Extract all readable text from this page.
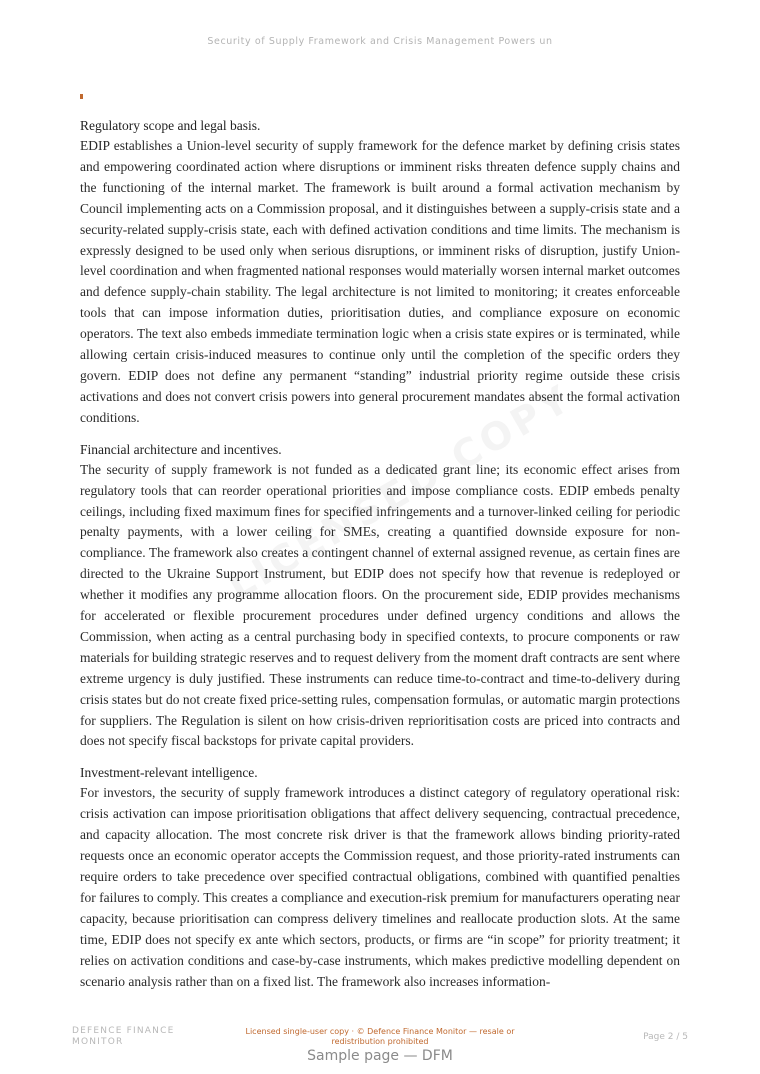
Security of Supply Framework and Crisis Management Powers un

Regulatory scope and legal basis.

EDIP establishes a Union-level security of supply framework for the defence market by defining crisis states and empowering coordinated action where disruptions or imminent risks threaten defence supply chains and the functioning of the internal market. The framework is built around a formal activation mechanism by Council implementing acts on a Commission proposal, and it distinguishes between a supply-crisis state and a security-related supply-crisis state, each with defined activation conditions and time limits. The mechanism is expressly designed to be used only when serious disruptions, or imminent risks of disruption, justify Union-level coordination and when fragmented national responses would materially worsen internal market outcomes and defence supply-chain stability. The legal architecture is not limited to monitoring; it creates enforceable tools that can impose information duties, prioritisation duties, and compliance exposure on economic operators. The text also embeds immediate termination logic when a crisis state expires or is terminated, while allowing certain crisis-induced measures to continue only until the completion of the specific orders they govern. EDIP does not define any permanent “standing” industrial priority regime outside these crisis activations and does not convert crisis powers into general procurement mandates absent the formal activation conditions.

Financial architecture and incentives.

The security of supply framework is not funded as a dedicated grant line; its economic effect arises from regulatory tools that can reorder operational priorities and impose compliance costs. EDIP embeds penalty ceilings, including fixed maximum fines for specified infringements and a turnover-linked ceiling for periodic penalty payments, with a lower ceiling for SMEs, creating a quantified downside exposure for non-compliance. The framework also creates a contingent channel of external assigned revenue, as certain fines are directed to the Ukraine Support Instrument, but EDIP does not specify how that revenue is redeployed or whether it modifies any programme allocation floors. On the procurement side, EDIP provides mechanisms for accelerated or flexible procurement procedures under defined urgency conditions and allows the Commission, when acting as a central purchasing body in specified contexts, to procure components or raw materials for building strategic reserves and to request delivery from the moment draft contracts are sent where extreme urgency is duly justified. These instruments can reduce time-to-contract and time-to-delivery during crisis states but do not create fixed price-setting rules, compensation formulas, or automatic margin protections for suppliers. The Regulation is silent on how crisis-driven reprioritisation costs are priced into contracts and does not specify fiscal backstops for private capital providers.

Investment-relevant intelligence.

For investors, the security of supply framework introduces a distinct category of regulatory operational risk: crisis activation can impose prioritisation obligations that affect delivery sequencing, contractual precedence, and capacity allocation. The most concrete risk driver is that the framework allows binding priority-rated requests once an economic operator accepts the Commission request, and those priority-rated instruments can require orders to take precedence over specified contractual obligations, combined with quantified penalties for failures to comply. This creates a compliance and execution-risk premium for manufacturers operating near capacity, because prioritisation can compress delivery timelines and reallocate production slots. At the same time, EDIP does not specify ex ante which sectors, products, or firms are “in scope” for priority treatment; it relies on activation conditions and case-by-case instruments, which makes predictive modelling dependent on scenario analysis rather than on a fixed list. The framework also increases information-

DEFENCE FINANCE MONITOR
Licensed single-user copy · © Defence Finance Monitor — resale or redistribution prohibited	Page 2 / 5
Sample page — DFM
